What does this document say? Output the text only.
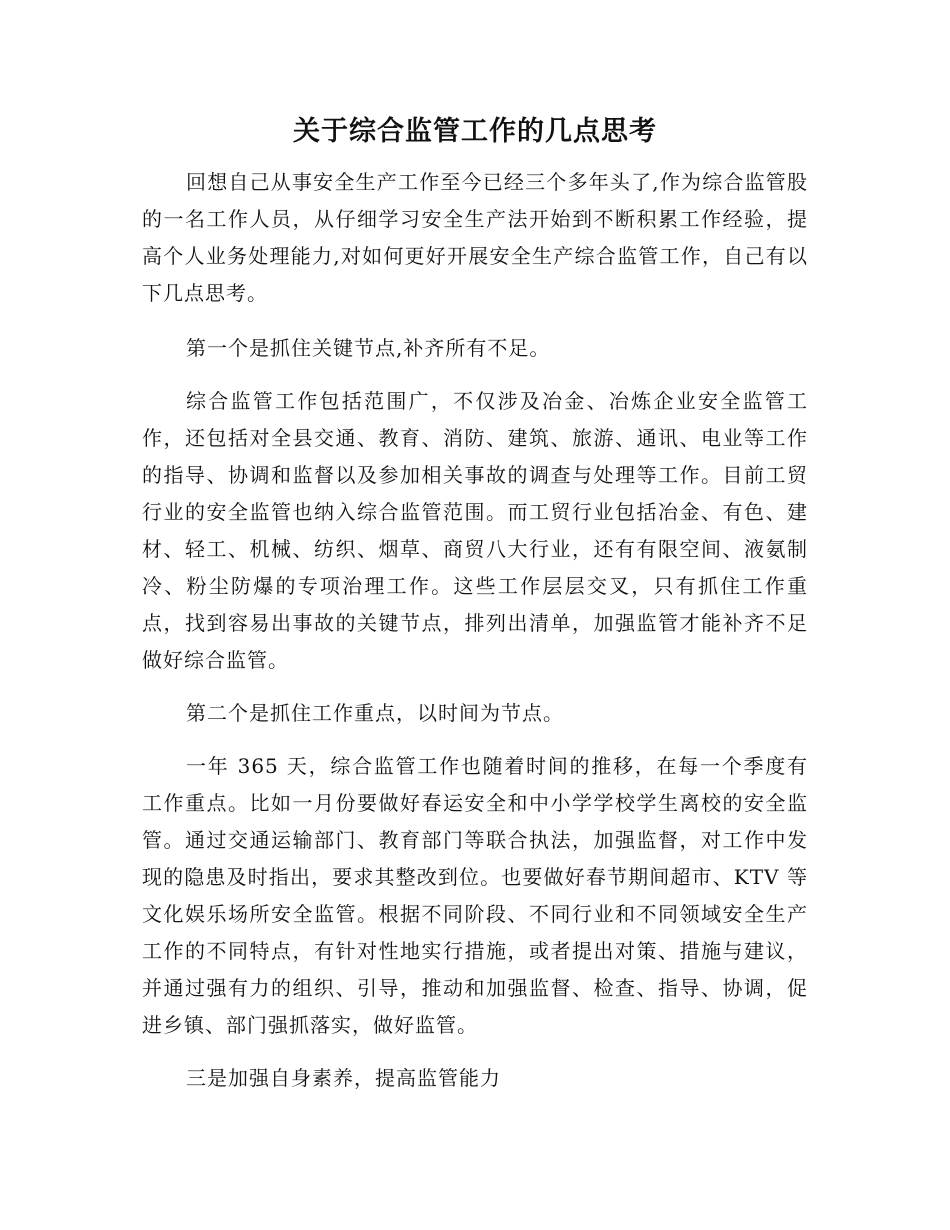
关于综合监管工作的几点思考

回想自己从事安全生产工作至今已经三个多年头了,作为综合监管股的一名工作人员，从仔细学习安全生产法开始到不断积累工作经验，提高个人业务处理能力,对如何更好开展安全生产综合监管工作，自己有以下几点思考。

第一个是抓住关键节点,补齐所有不足。

综合监管工作包括范围广，不仅涉及冶金、冶炼企业安全监管工作，还包括对全县交通、教育、消防、建筑、旅游、通讯、电业等工作的指导、协调和监督以及参加相关事故的调查与处理等工作。目前工贸行业的安全监管也纳入综合监管范围。而工贸行业包括冶金、有色、建材、轻工、机械、纺织、烟草、商贸八大行业，还有有限空间、液氨制冷、粉尘防爆的专项治理工作。这些工作层层交叉，只有抓住工作重点，找到容易出事故的关键节点，排列出清单，加强监管才能补齐不足做好综合监管。

第二个是抓住工作重点，以时间为节点。

一年 365 天，综合监管工作也随着时间的推移，在每一个季度有工作重点。比如一月份要做好春运安全和中小学学校学生离校的安全监管。通过交通运输部门、教育部门等联合执法，加强监督，对工作中发现的隐患及时指出，要求其整改到位。也要做好春节期间超市、KTV 等文化娱乐场所安全监管。根据不同阶段、不同行业和不同领域安全生产工作的不同特点，有针对性地实行措施，或者提出对策、措施与建议，并通过强有力的组织、引导，推动和加强监督、检查、指导、协调，促进乡镇、部门强抓落实，做好监管。

三是加强自身素养，提高监管能力
